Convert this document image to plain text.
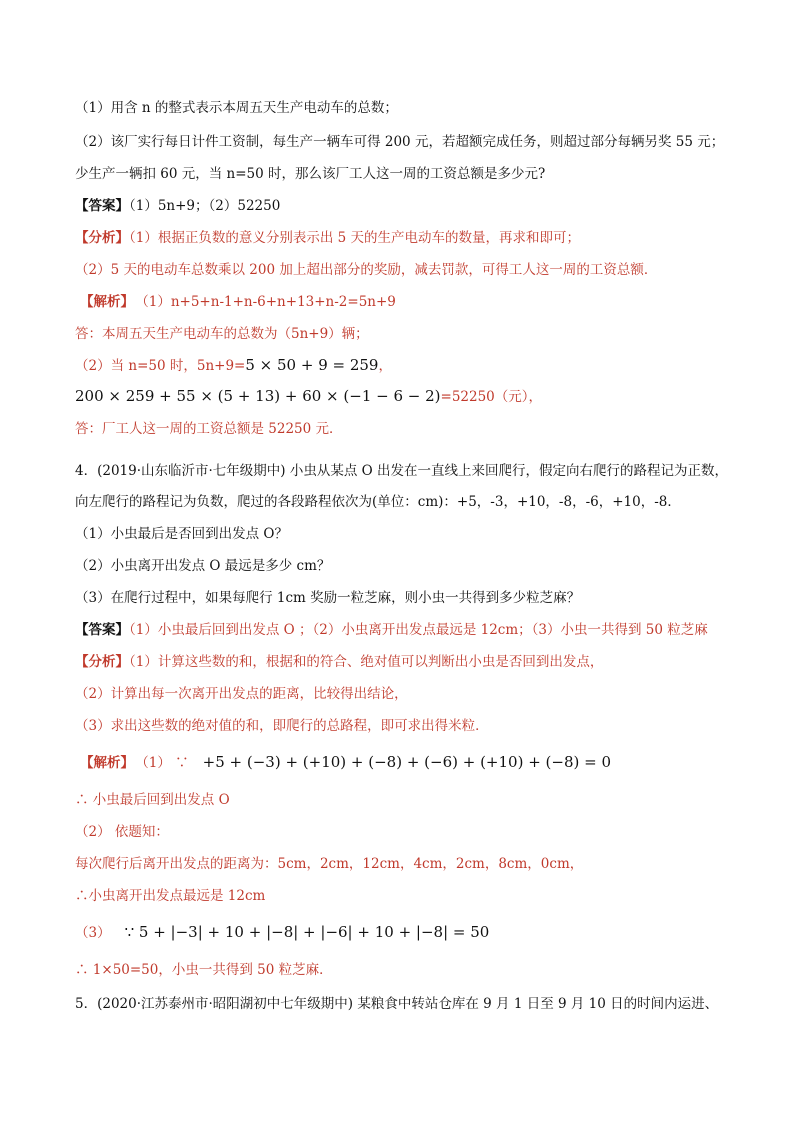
（1）用含 n 的整式表示本周五天生产电动车的总数；
（2）该厂实行每日计件工资制，每生产一辆车可得 200 元，若超额完成任务，则超过部分每辆另奖 55 元；
少生产一辆扣 60 元，当 n=50 时，那么该厂工人这一周的工资总额是多少元?
【答案】（1）5n+9；（2）52250
【分析】（1）根据正负数的意义分别表示出 5 天的生产电动车的数量，再求和即可；
（2）5 天的电动车总数乘以 200 加上超出部分的奖励，减去罚款，可得工人这一周的工资总额．
【解析】 （1）n+5+n-1+n-6+n+13+n-2=5n+9
答：本周五天生产电动车的总数为（5n+9）辆；
（2）当 n=50 时，5n+9=5 × 50 + 9 = 259，
200 × 259 + 55 × (5 + 13) + 60 × (−1 − 6 − 2)=52250（元），
答：厂工人这一周的工资总额是 52250 元．
4．(2019·山东临沂市·七年级期中) 小虫从某点 O 出发在一直线上来回爬行，假定向右爬行的路程记为正数，
向左爬行的路程记为负数，爬过的各段路程依次为(单位：cm)：+5，-3，+10，-8，-6，+10，-8．
（1）小虫最后是否回到出发点 O？
（2）小虫离开出发点 O 最远是多少 cm？
（3）在爬行过程中，如果每爬行 1cm 奖励一粒芝麻，则小虫一共得到多少粒芝麻？
【答案】（1）小虫最后回到出发点 O ；（2）小虫离开出发点最远是 12cm；（3）小虫一共得到 50 粒芝麻
【分析】（1）计算这些数的和，根据和的符合、绝对值可以判断出小虫是否回到出发点，
（2）计算出每一次离开出发点的距离，比较得出结论，
（3）求出这些数的绝对值的和，即爬行的总路程，即可求出得米粒．
【解析】 （1） ∵ +5 + (−3) + (+10) + (−8) + (−6) + (+10) + (−8) = 0
∴ 小虫最后回到出发点 O
（2） 依题知：
每次爬行后离开出发点的距离为：5cm，2cm，12cm，4cm，2cm，8cm，0cm，
∴小虫离开出发点最远是 12cm
（3） ∵ 5 + |−3| + 10 + |−8| + |−6| + 10 + |−8| = 50
∴ 1×50=50，小虫一共得到 50 粒芝麻．
5．(2020·江苏泰州市·昭阳湖初中七年级期中) 某粮食中转站仓库在 9 月 1 日至 9 月 10 日的时间内运进、
